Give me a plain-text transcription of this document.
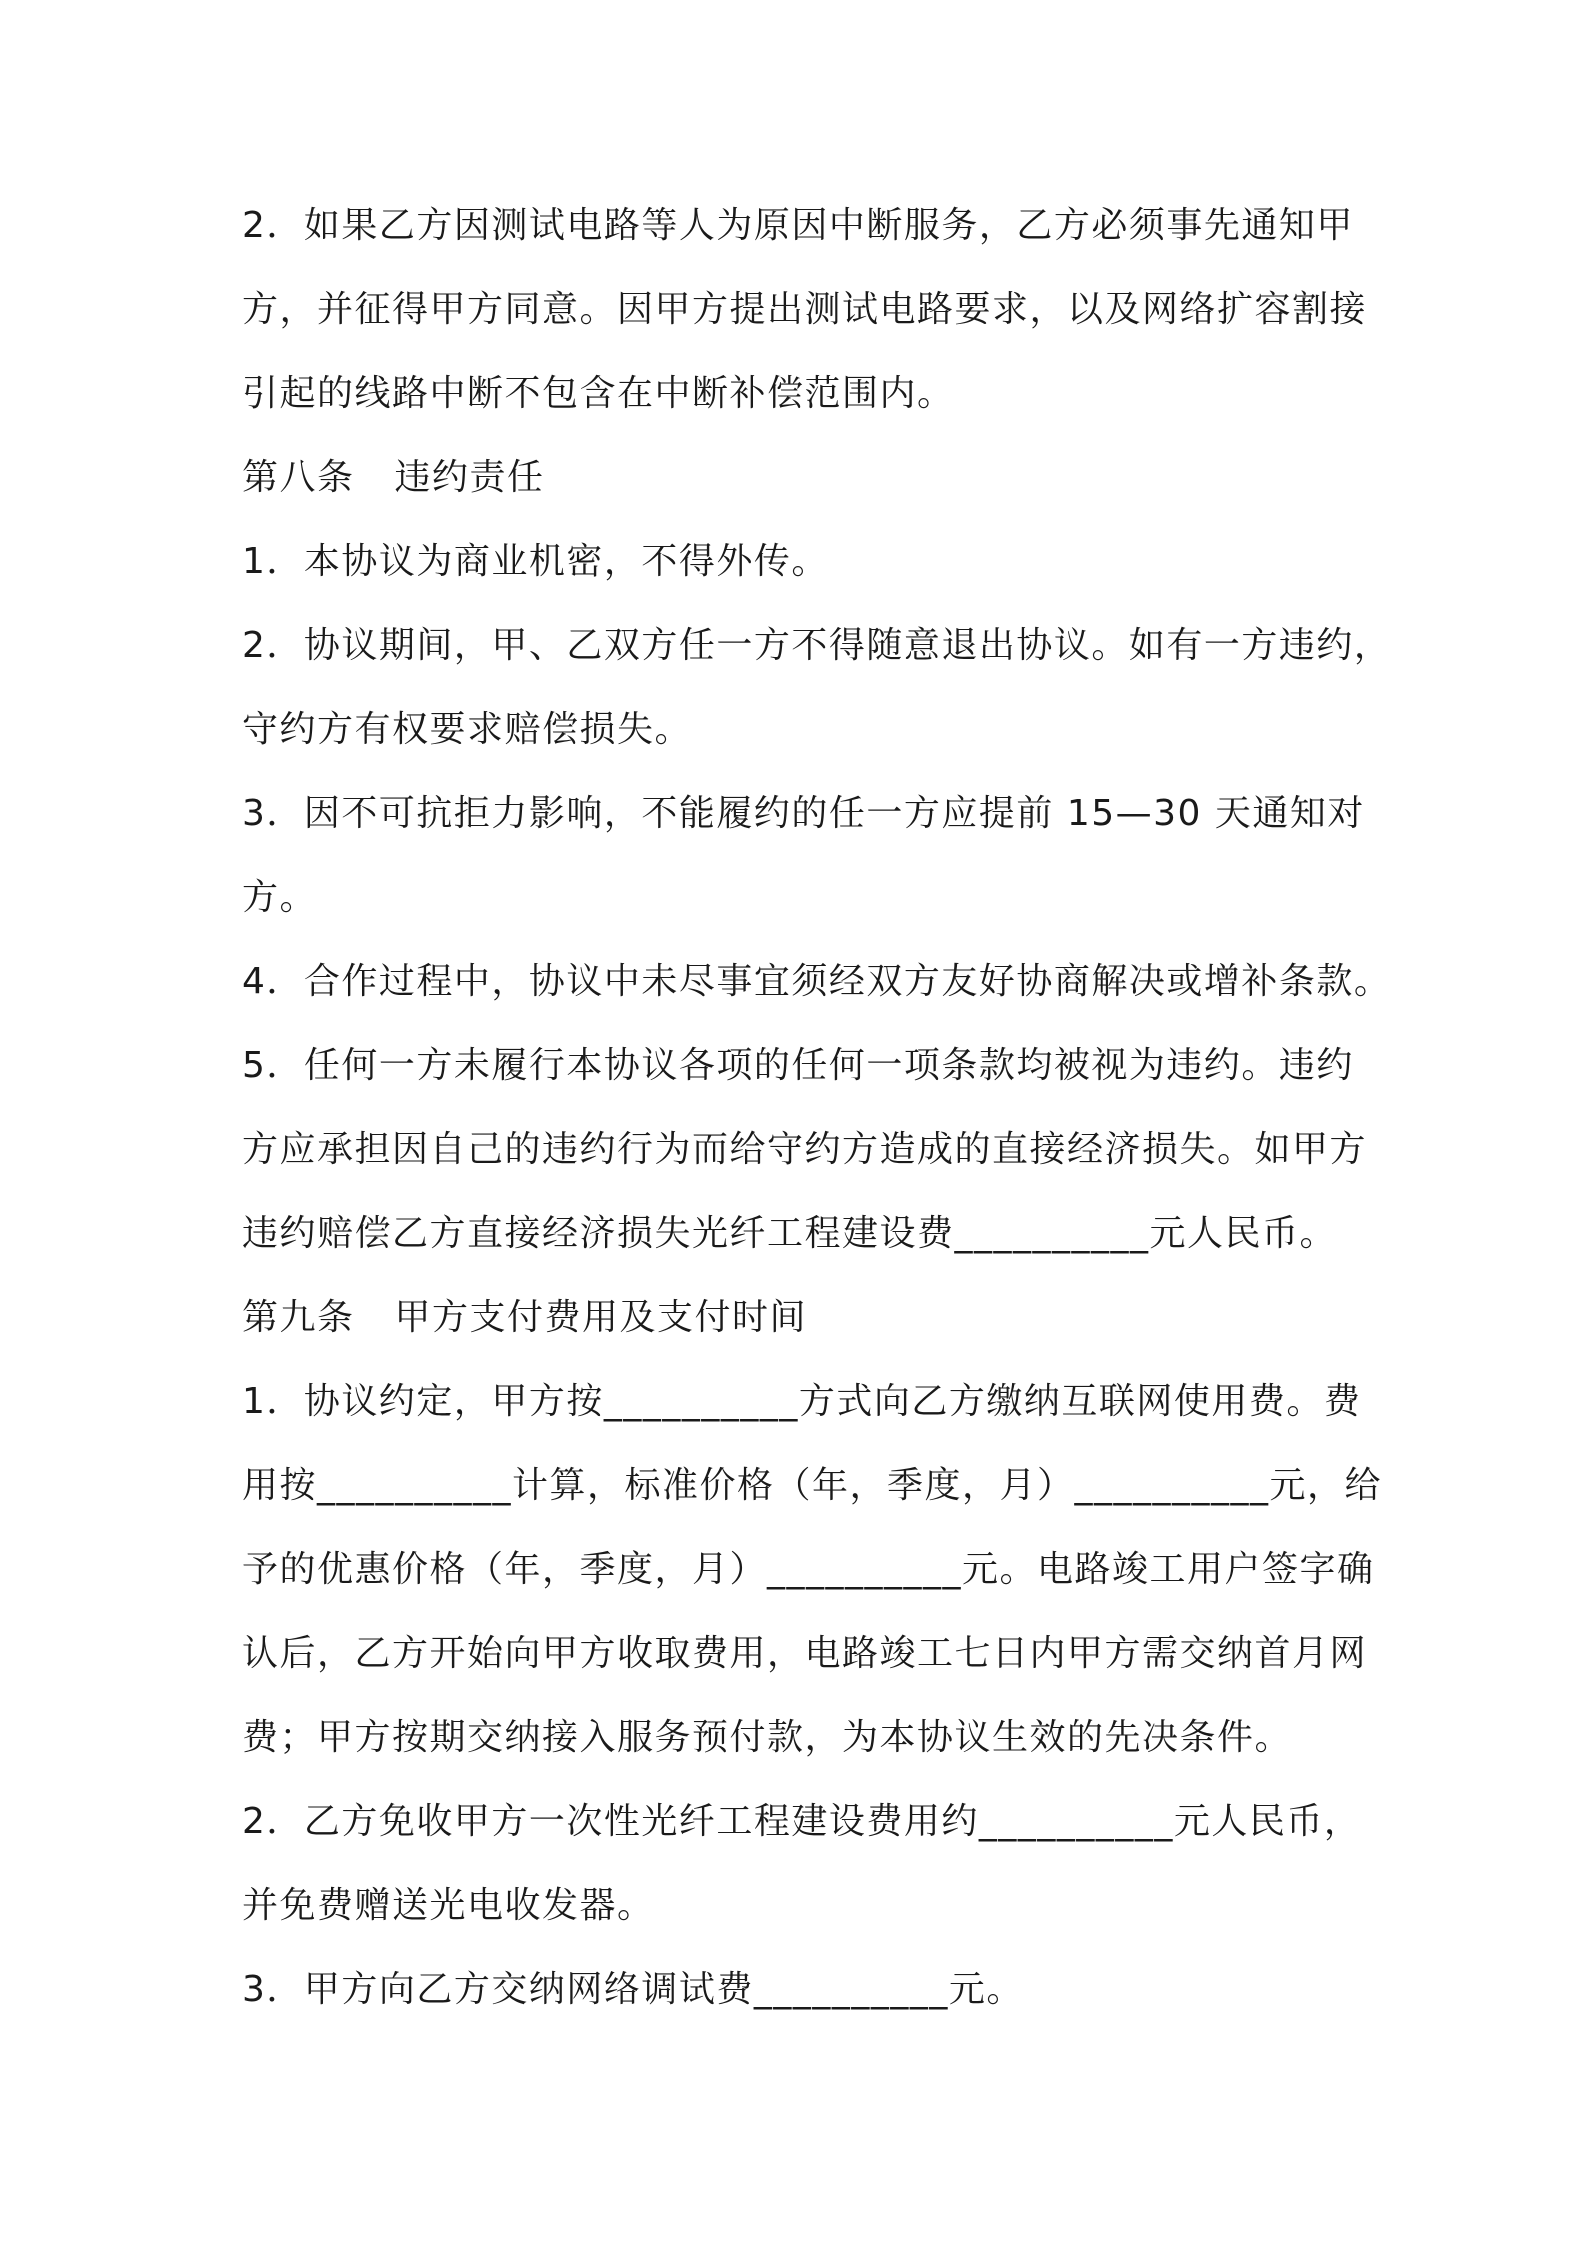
2．如果乙方因测试电路等人为原因中断服务，乙方必须事先通知甲
方，并征得甲方同意。因甲方提出测试电路要求，以及网络扩容割接
引起的线路中断不包含在中断补偿范围内。
第八条 违约责任
1．本协议为商业机密，不得外传。
2．协议期间，甲、乙双方任一方不得随意退出协议。如有一方违约，
守约方有权要求赔偿损失。
3．因不可抗拒力影响，不能履约的任一方应提前 15—30 天通知对
方。
4．合作过程中，协议中未尽事宜须经双方友好协商解决或增补条款。
5．任何一方未履行本协议各项的任何一项条款均被视为违约。违约
方应承担因自己的违约行为而给守约方造成的直接经济损失。如甲方
违约赔偿乙方直接经济损失光纤工程建设费__________元人民币。
第九条 甲方支付费用及支付时间
1．协议约定，甲方按__________方式向乙方缴纳互联网使用费。费
用按__________计算，标准价格（年，季度，月）__________元，给
予的优惠价格（年，季度，月）__________元。电路竣工用户签字确
认后，乙方开始向甲方收取费用，电路竣工七日内甲方需交纳首月网
费；甲方按期交纳接入服务预付款，为本协议生效的先决条件。
2．乙方免收甲方一次性光纤工程建设费用约__________元人民币，
并免费赠送光电收发器。
3．甲方向乙方交纳网络调试费__________元。
